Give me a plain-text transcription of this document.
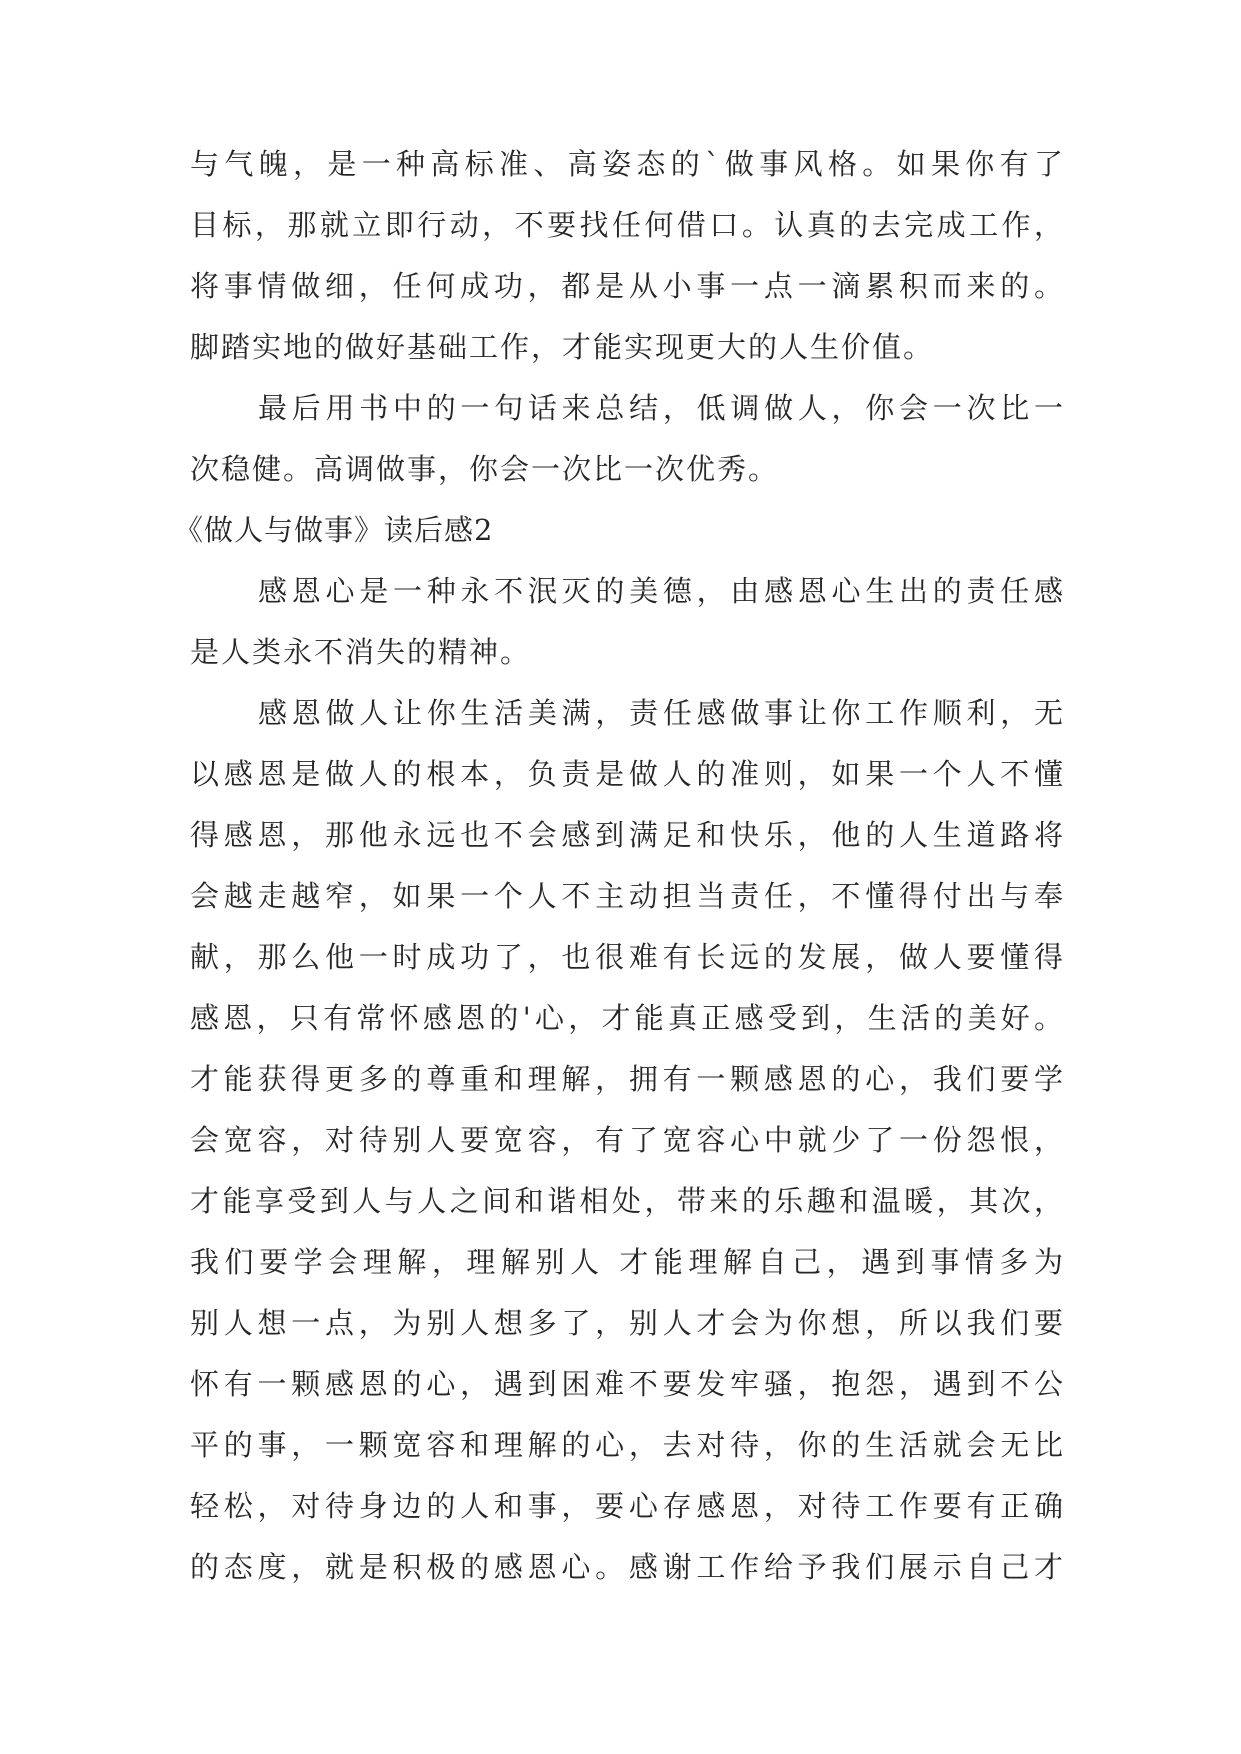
与气魄，是一种高标准、高姿态的`做事风格。如果你有了
目标，那就立即行动，不要找任何借口。认真的去完成工作，
将事情做细，任何成功，都是从小事一点一滴累积而来的。
脚踏实地的做好基础工作，才能实现更大的人生价值。
最后用书中的一句话来总结，低调做人，你会一次比一
次稳健。高调做事，你会一次比一次优秀。
《做人与做事》读后感2
感恩心是一种永不泯灭的美德，由感恩心生出的责任感
是人类永不消失的精神。
感恩做人让你生活美满，责任感做事让你工作顺利，无
以感恩是做人的根本，负责是做人的准则，如果一个人不懂
得感恩，那他永远也不会感到满足和快乐，他的人生道路将
会越走越窄，如果一个人不主动担当责任，不懂得付出与奉
献，那么他一时成功了，也很难有长远的发展，做人要懂得
感恩，只有常怀感恩的'心，才能真正感受到，生活的美好。
才能获得更多的尊重和理解，拥有一颗感恩的心，我们要学
会宽容，对待别人要宽容，有了宽容心中就少了一份怨恨，
才能享受到人与人之间和谐相处，带来的乐趣和温暖，其次，
我们要学会理解，理解别人 才能理解自己，遇到事情多为
别人想一点，为别人想多了，别人才会为你想，所以我们要
怀有一颗感恩的心，遇到困难不要发牢骚，抱怨，遇到不公
平的事，一颗宽容和理解的心，去对待，你的生活就会无比
轻松，对待身边的人和事，要心存感恩，对待工作要有正确
的态度，就是积极的感恩心。感谢工作给予我们展示自己才
